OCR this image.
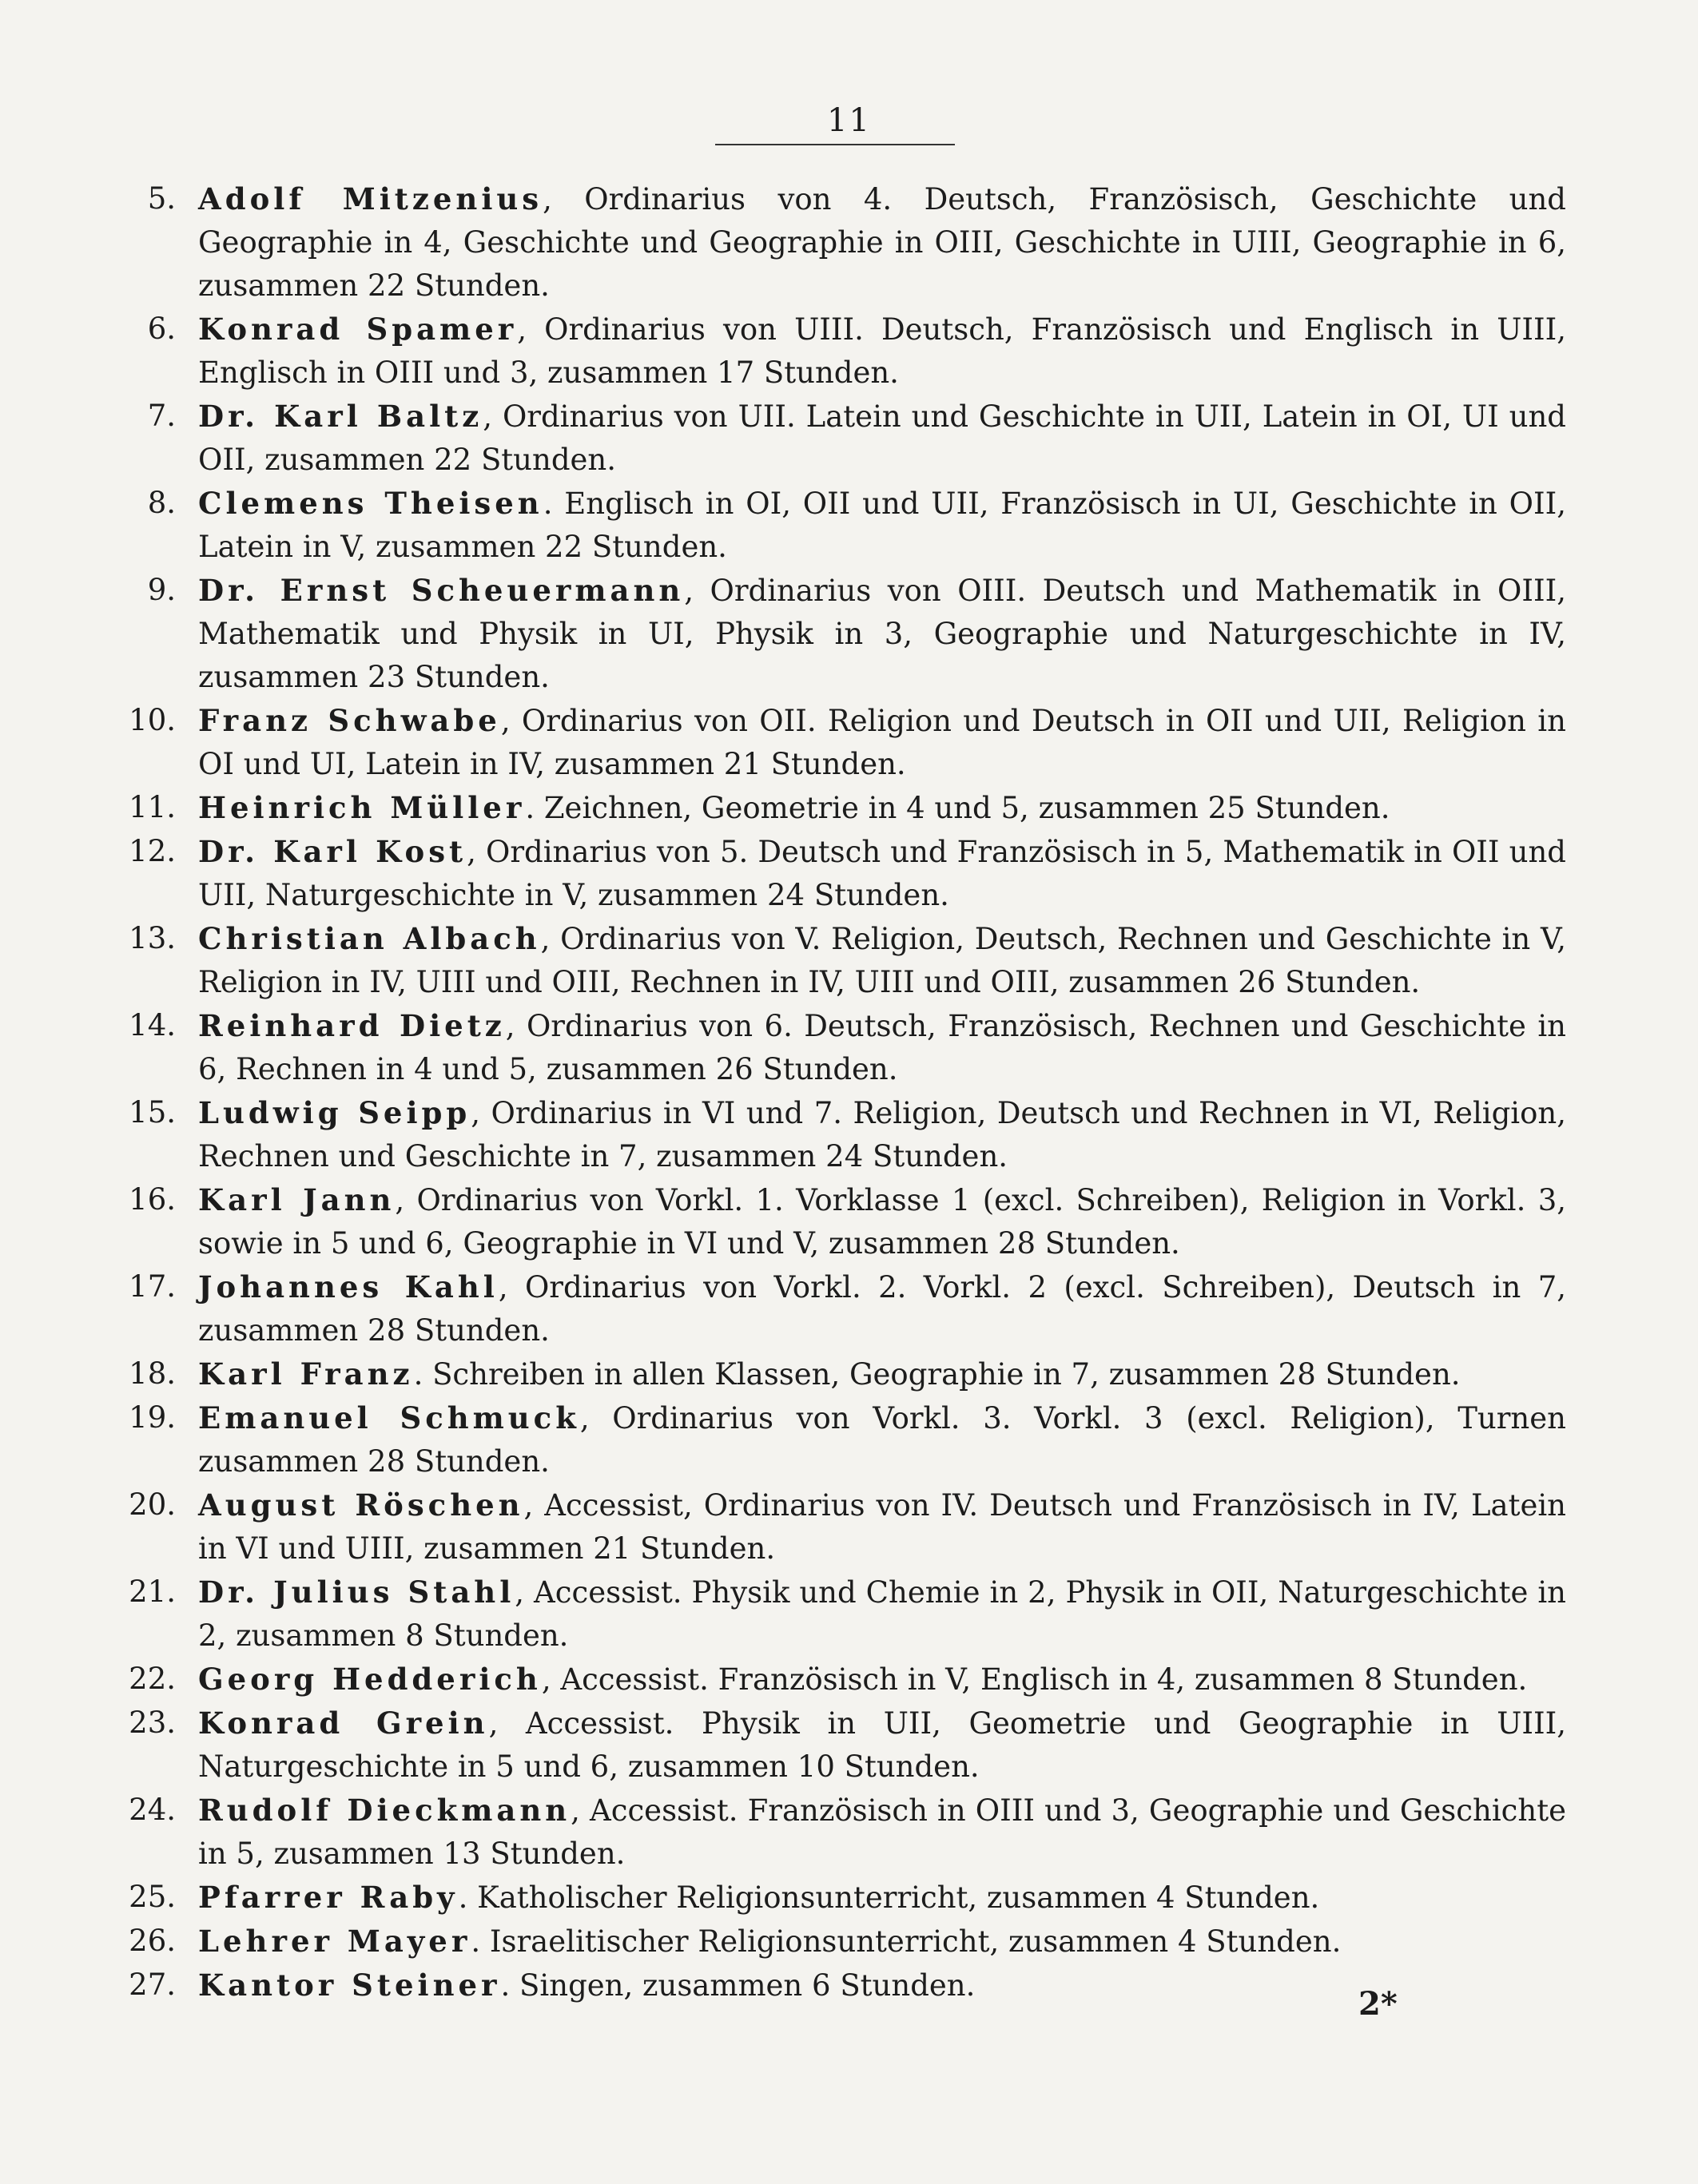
11
5. Adolf Mitzenius, Ordinarius von 4. Deutsch, Französisch, Geschichte und Geographie in 4, Geschichte und Geographie in OIII, Geschichte in UIII, Geographie in 6, zusammen 22 Stunden.
6. Konrad Spamer, Ordinarius von UIII. Deutsch, Französisch und Englisch in UIII, Englisch in OIII und 3, zusammen 17 Stunden.
7. Dr. Karl Baltz, Ordinarius von UII. Latein und Geschichte in UII, Latein in OI, UI und OII, zusammen 22 Stunden.
8. Clemens Theisen. Englisch in OI, OII und UII, Französisch in UI, Geschichte in OII, Latein in V, zusammen 22 Stunden.
9. Dr. Ernst Scheuermann, Ordinarius von OIII. Deutsch und Mathematik in OIII, Mathematik und Physik in UI, Physik in 3, Geographie und Naturgeschichte in IV, zusammen 23 Stunden.
10. Franz Schwabe, Ordinarius von OII. Religion und Deutsch in OII und UII, Religion in OI und UI, Latein in IV, zusammen 21 Stunden.
11. Heinrich Müller. Zeichnen, Geometrie in 4 und 5, zusammen 25 Stunden.
12. Dr. Karl Kost, Ordinarius von 5. Deutsch und Französisch in 5, Mathematik in OII und UII, Naturgeschichte in V, zusammen 24 Stunden.
13. Christian Albach, Ordinarius von V. Religion, Deutsch, Rechnen und Geschichte in V, Religion in IV, UIII und OIII, Rechnen in IV, UIII und OIII, zusammen 26 Stunden.
14. Reinhard Dietz, Ordinarius von 6. Deutsch, Französisch, Rechnen und Geschichte in 6, Rechnen in 4 und 5, zusammen 26 Stunden.
15. Ludwig Seipp, Ordinarius in VI und 7. Religion, Deutsch und Rechnen in VI, Religion, Rechnen und Geschichte in 7, zusammen 24 Stunden.
16. Karl Jann, Ordinarius von Vorkl. 1. Vorklasse 1 (excl. Schreiben), Religion in Vorkl. 3, sowie in 5 und 6, Geographie in VI und V, zusammen 28 Stunden.
17. Johannes Kahl, Ordinarius von Vorkl. 2. Vorkl. 2 (excl. Schreiben), Deutsch in 7, zusammen 28 Stunden.
18. Karl Franz. Schreiben in allen Klassen, Geographie in 7, zusammen 28 Stunden.
19. Emanuel Schmuck, Ordinarius von Vorkl. 3. Vorkl. 3 (excl. Religion), Turnen zusammen 28 Stunden.
20. August Röschen, Accessist, Ordinarius von IV. Deutsch und Französisch in IV, Latein in VI und UIII, zusammen 21 Stunden.
21. Dr. Julius Stahl, Accessist. Physik und Chemie in 2, Physik in OII, Naturgeschichte in 2, zusammen 8 Stunden.
22. Georg Hedderich, Accessist. Französisch in V, Englisch in 4, zusammen 8 Stunden.
23. Konrad Grein, Accessist. Physik in UII, Geometrie und Geographie in UIII, Naturgeschichte in 5 und 6, zusammen 10 Stunden.
24. Rudolf Dieckmann, Accessist. Französisch in OIII und 3, Geographie und Geschichte in 5, zusammen 13 Stunden.
25. Pfarrer Raby. Katholischer Religionsunterricht, zusammen 4 Stunden.
26. Lehrer Mayer. Israelitischer Religionsunterricht, zusammen 4 Stunden.
27. Kantor Steiner. Singen, zusammen 6 Stunden.	2*
